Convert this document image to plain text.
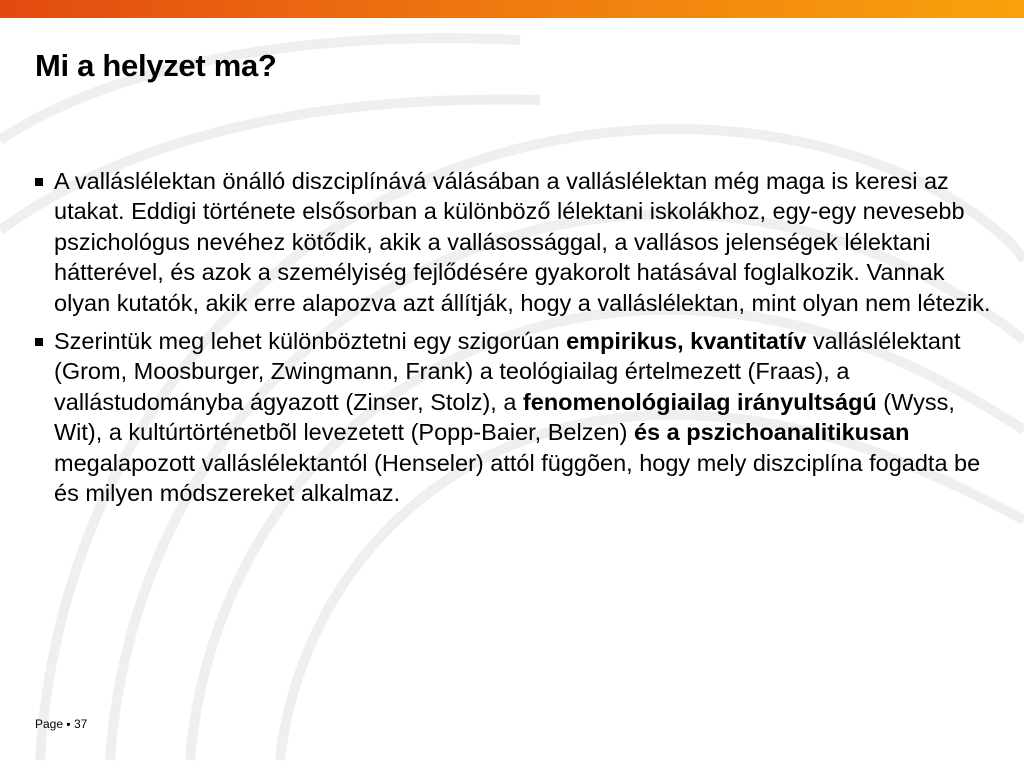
Mi a helyzet ma?
A valláslélektan önálló diszciplínává válásában a valláslélektan még maga is keresi az utakat. Eddigi története elsősorban a különböző lélektani iskolákhoz, egy-egy nevesebb pszichológus nevéhez kötődik, akik a vallásossággal, a vallásos jelenségek lélektani hátterével, és azok a személyiség fejlődésére gyakorolt hatásával foglalkozik. Vannak olyan kutatók, akik erre alapozva azt állítják, hogy a valláslélektan, mint olyan nem létezik.
Szerintük meg lehet különböztetni egy szigorúan empirikus, kvantitatív valláslélektant (Grom, Moosburger, Zwingmann, Frank) a teológiailag értelmezett (Fraas), a vallástudományba ágyazott (Zinser, Stolz), a fenomenológiailag irányultságú (Wyss, Wit), a kultúrtörténetbõl levezetett (Popp-Baier, Belzen) és a pszichoanalitikusan megalapozott valláslélektantól (Henseler) attól függõen, hogy mely diszciplína fogadta be és milyen módszereket alkalmaz.
Page ▪ 37
